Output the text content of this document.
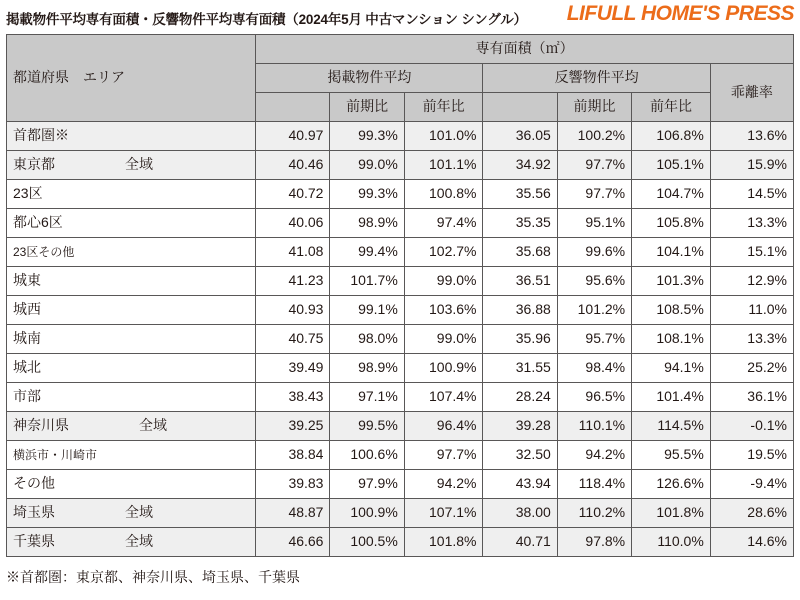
掲載物件平均専有面積・反響物件平均専有面積（2024年5月 中古マンション シングル）	LIFULL HOME'S PRESS
都道府県　エリア	専有面積（㎡）						
	掲載物件平均			反響物件平均			乖離率
		前期比	前年比		前期比	前年比	
首都圏※	40.97	99.3%	101.0%	36.05	100.2%	106.8%	13.6%
東京都 全域	40.46	99.0%	101.1%	34.92	97.7%	105.1%	15.9%
23区	40.72	99.3%	100.8%	35.56	97.7%	104.7%	14.5%
都心6区	40.06	98.9%	97.4%	35.35	95.1%	105.8%	13.3%
23区その他	41.08	99.4%	102.7%	35.68	99.6%	104.1%	15.1%
城東	41.23	101.7%	99.0%	36.51	95.6%	101.3%	12.9%
城西	40.93	99.1%	103.6%	36.88	101.2%	108.5%	11.0%
城南	40.75	98.0%	99.0%	35.96	95.7%	108.1%	13.3%
城北	39.49	98.9%	100.9%	31.55	98.4%	94.1%	25.2%
市部	38.43	97.1%	107.4%	28.24	96.5%	101.4%	36.1%
神奈川県 全域	39.25	99.5%	96.4%	39.28	110.1%	114.5%	-0.1%
横浜市・川崎市	38.84	100.6%	97.7%	32.50	94.2%	95.5%	19.5%
その他	39.83	97.9%	94.2%	43.94	118.4%	126.6%	-9.4%
埼玉県 全域	48.87	100.9%	107.1%	38.00	110.2%	101.8%	28.6%
千葉県 全域	46.66	100.5%	101.8%	40.71	97.8%	110.0%	14.6%
※首都圏：東京都、神奈川県、埼玉県、千葉県
